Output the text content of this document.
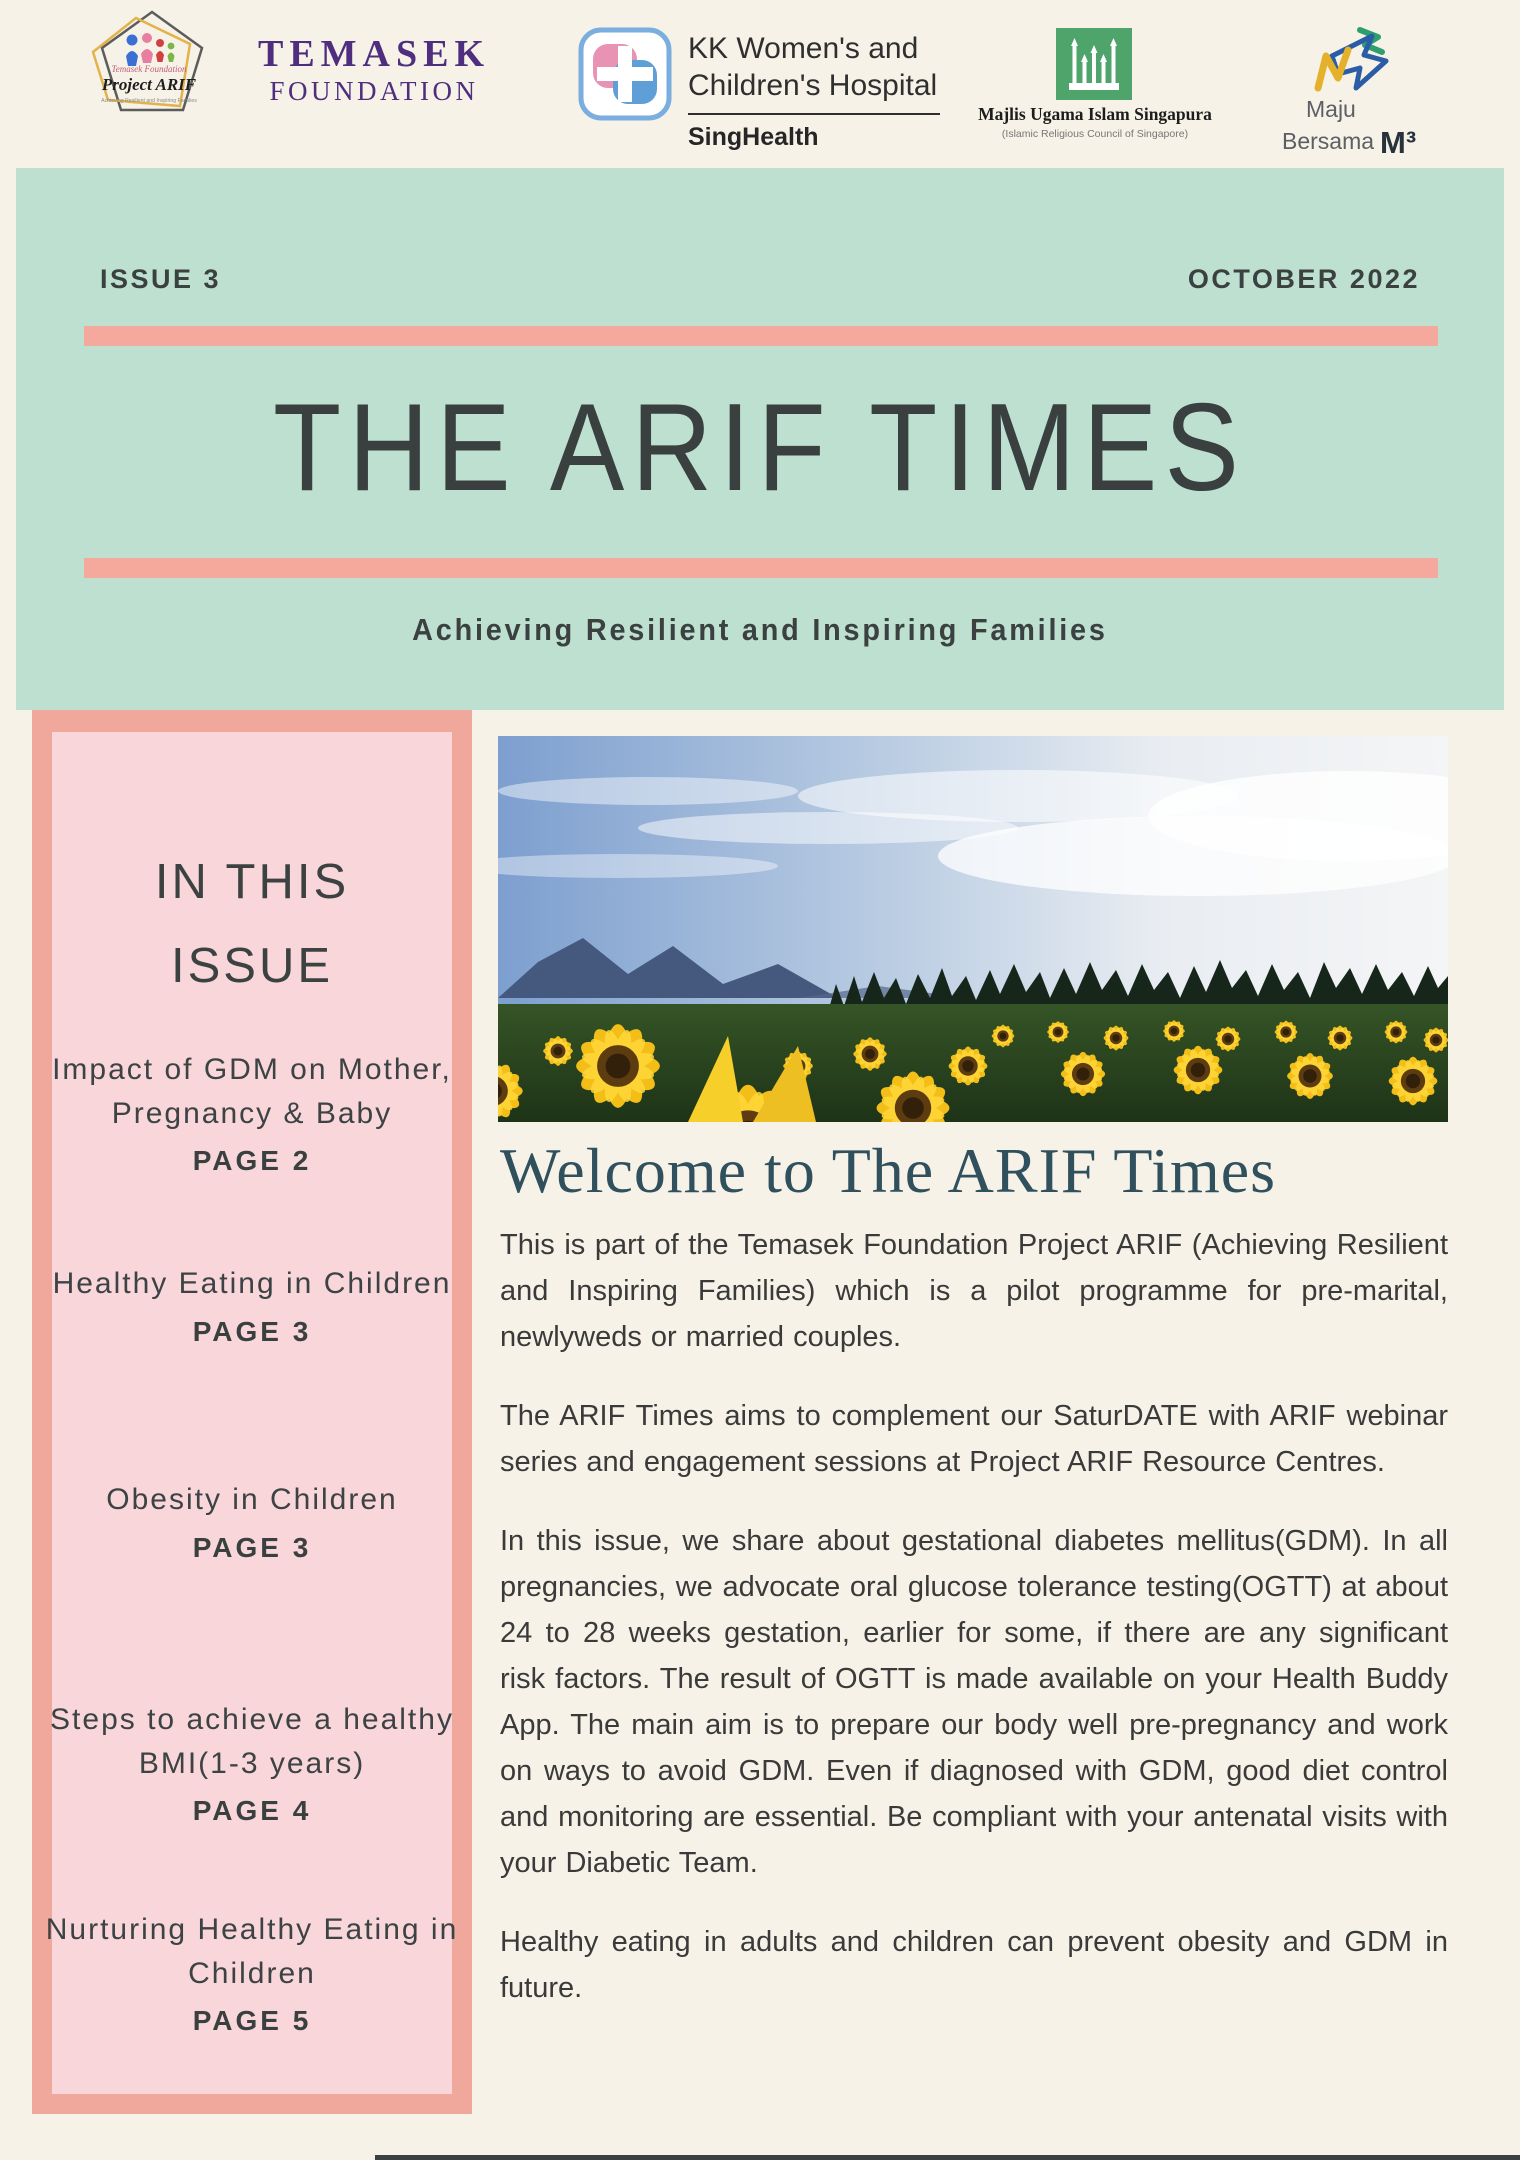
Temasek Foundation
Project ARIF
Achieving Resilient and Inspiring Families
TEMASEK
FOUNDATION
KK Women's and
Children's Hospital
SingHealth
Majlis Ugama Islam Singapura
(Islamic Religious Council of Singapore)
Maju
Bersama M³
ISSUE 3	OCTOBER 2022
THE ARIF TIMES
Achieving Resilient and Inspiring Families
IN THIS
ISSUE
Impact of GDM on Mother, Pregnancy & Baby
PAGE 2
Healthy Eating in Children
PAGE 3
Obesity in Children
PAGE 3
Steps to achieve a healthy BMI(1-3 years)
PAGE 4
Nurturing Healthy Eating in Children
PAGE 5
Welcome to The ARIF Times

This is part of the Temasek Foundation Project ARIF (Achieving Resilient and Inspiring Families) which is a pilot programme for pre-marital, newlyweds or married couples.

The ARIF Times aims to complement our SaturDATE with ARIF webinar series and engagement sessions at Project ARIF Resource Centres.

In this issue, we share about gestational diabetes mellitus(GDM). In all pregnancies, we advocate oral glucose tolerance testing(OGTT) at about 24 to 28 weeks gestation, earlier for some, if there are any significant risk factors. The result of OGTT is made available on your Health Buddy App. The main aim is to prepare our body well pre-pregnancy and work on ways to avoid GDM. Even if diagnosed with GDM, good diet control and monitoring are essential. Be compliant with your antenatal visits with your Diabetic Team.

Healthy eating in adults and children can prevent obesity and GDM in future.
